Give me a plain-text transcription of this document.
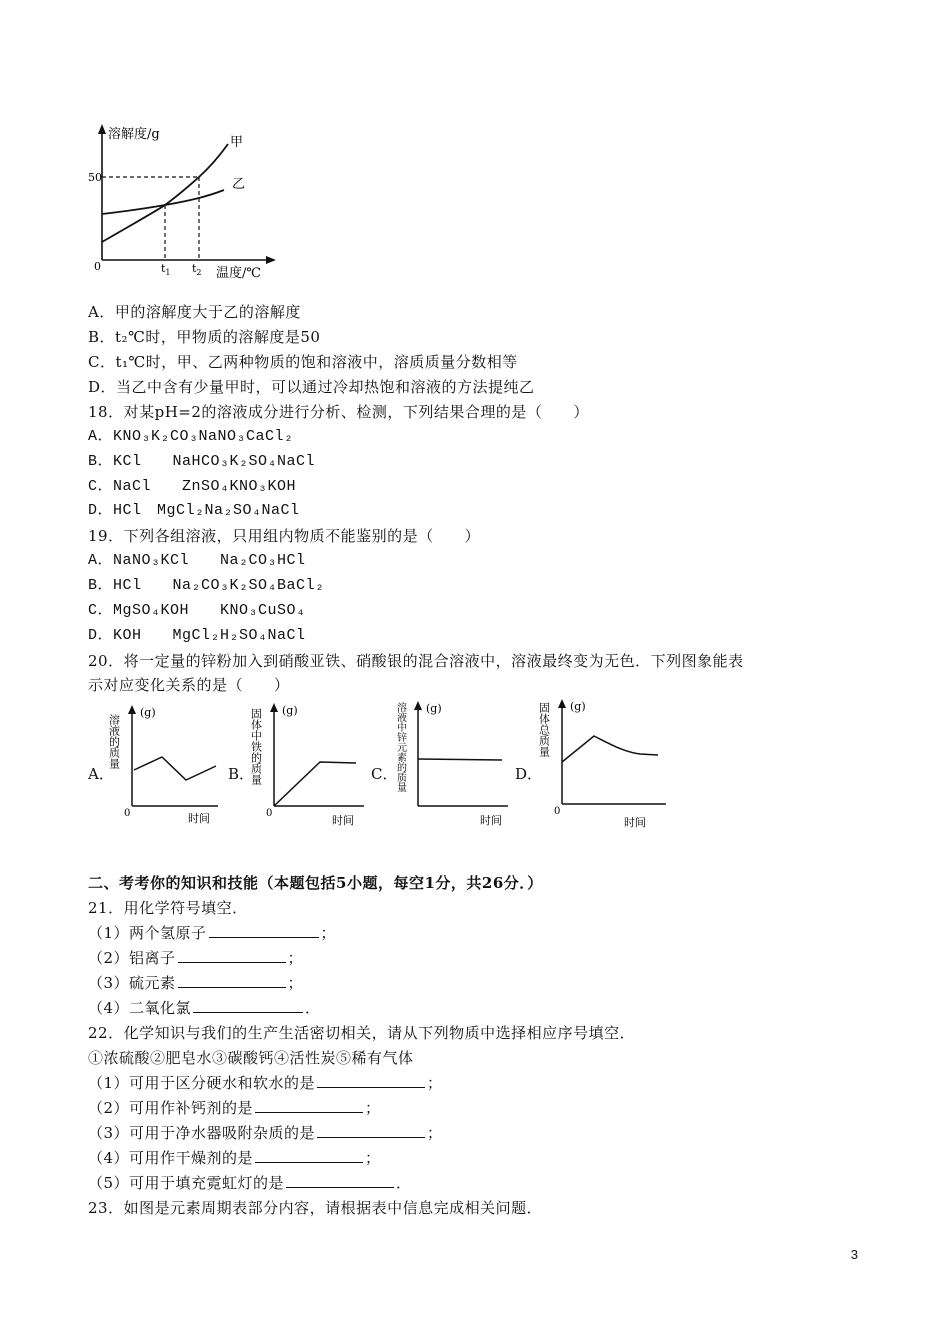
溶解度/g
温度/℃
50
0	$t_1$ $t_2$
甲
乙
A．甲的溶解度大于乙的溶解度
B．t₂℃时，甲物质的溶解度是50
C．t₁℃时，甲、乙两种物质的饱和溶液中，溶质质量分数相等
D．当乙中含有少量甲时，可以通过冷却热饱和溶液的方法提纯乙
18．对某pH=2的溶液成分进行分析、检测，下列结果合理的是（　　）
A．KNO₃K₂CO₃NaNO₃CaCl₂
B．KCl　　NaHCO₃K₂SO₄NaCl
C．NaCl　　ZnSO₄KNO₃KOH
D．HCl　MgCl₂Na₂SO₄NaCl
19．下列各组溶液，只用组内物质不能鉴别的是（　　）
A．NaNO₃KCl　　Na₂CO₃HCl
B．HCl　　Na₂CO₃K₂SO₄BaCl₂
C．MgSO₄KOH　　KNO₃CuSO₄
D．KOH　　MgCl₂H₂SO₄NaCl
20．将一定量的锌粉加入到硝酸亚铁、硝酸银的混合溶液中，溶液最终变为无色．下列图象能表
示对应变化关系的是（　　）
A．
溶液的质量
(g)
0	时间
B．
固体中铁的质量 (g)
0
时间
C．
溶液中锌元素的质量 (g)
时间
D．
固体总质量 (g)
0
时间
二、考考你的知识和技能（本题包括5小题，每空1分，共26分．）
21．用化学符号填空．
（1）两个氢原子	；
（2）铝离子	；
（3）硫元素	；
（4）二氧化氯	．
22．化学知识与我们的生产生活密切相关，请从下列物质中选择相应序号填空．
①浓硫酸②肥皂水③碳酸钙④活性炭⑤稀有气体
（1）可用于区分硬水和软水的是	；
（2）可用作补钙剂的是	；
（3）可用于净水器吸附杂质的是	；
（4）可用作干燥剂的是	；
（5）可用于填充霓虹灯的是	．
23．如图是元素周期表部分内容，请根据表中信息完成相关问题．
3
